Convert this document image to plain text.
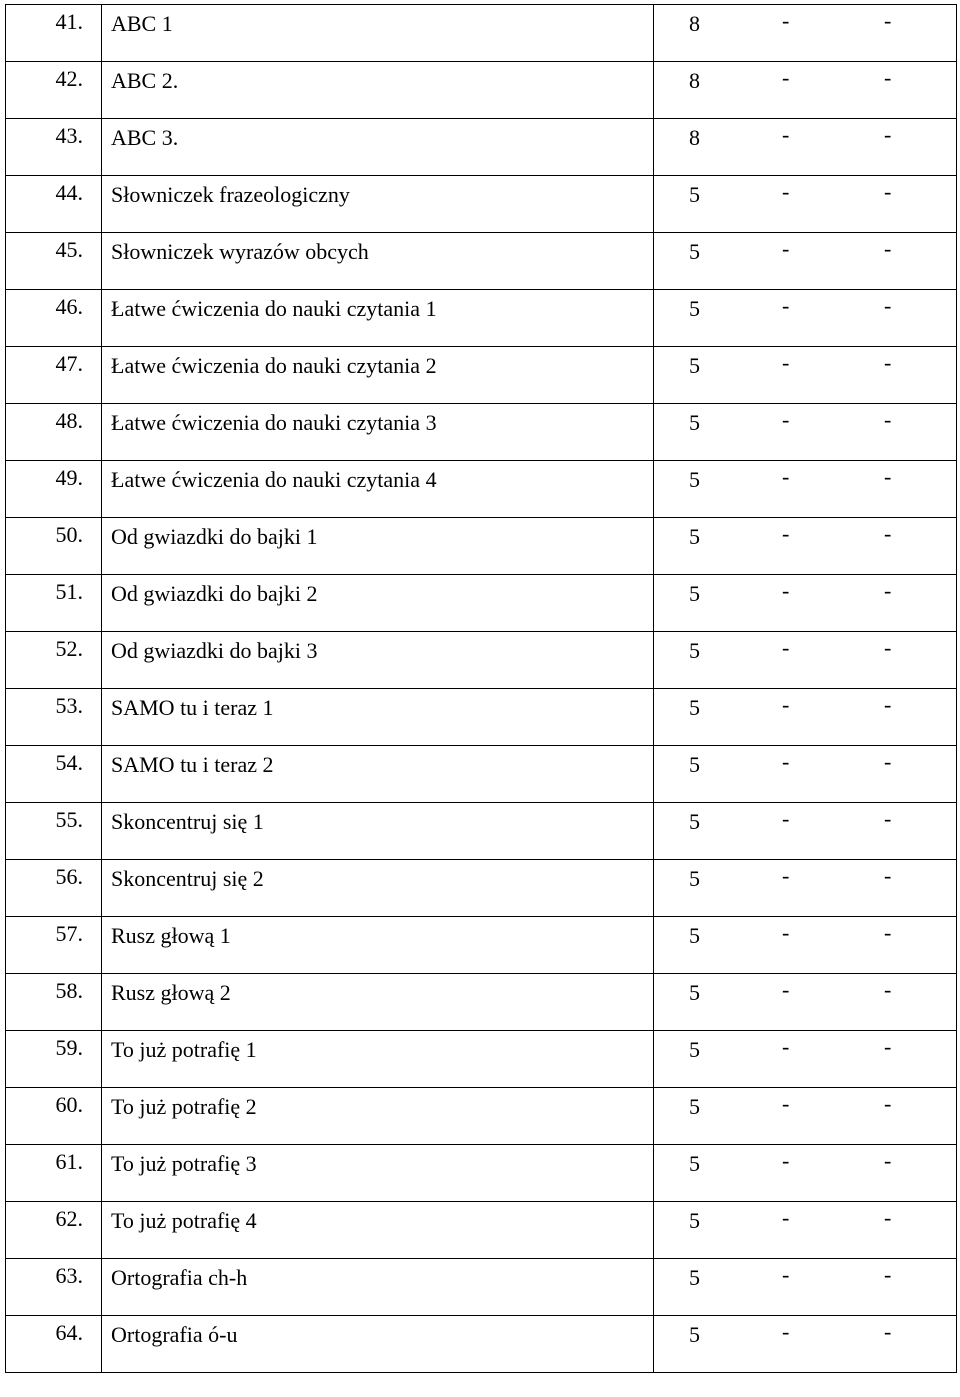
41.	ABC 1	8 - -

42.	ABC 2.	8 - -

43.	ABC 3.	8 - -

44.	Słowniczek frazeologiczny	5 - -

45.	Słowniczek wyrazów obcych	5 - -

46.	Łatwe ćwiczenia do nauki czytania 1	5 - -

47.	Łatwe ćwiczenia do nauki czytania 2	5 - -

48.	Łatwe ćwiczenia do nauki czytania 3	5 - -

49.	Łatwe ćwiczenia do nauki czytania 4	5 - -

50.	Od gwiazdki do bajki 1	5 - -

51.	Od gwiazdki do bajki 2	5 - -

52.	Od gwiazdki do bajki 3	5 - -

53.	SAMO tu i teraz 1	5 - -

54.	SAMO tu i teraz 2	5 - -

55.	Skoncentruj się 1	5 - -

56.	Skoncentruj się 2	5 - -

57.	Rusz głową 1	5 - -

58.	Rusz głową 2	5 - -

59.	To już potrafię 1	5 - -

60.	To już potrafię 2	5 - -

61.	To już potrafię 3	5 - -

62.	To już potrafię 4	5 - -

63.	Ortografia ch-h	5 - -

64.	Ortografia ó-u	5 - -
